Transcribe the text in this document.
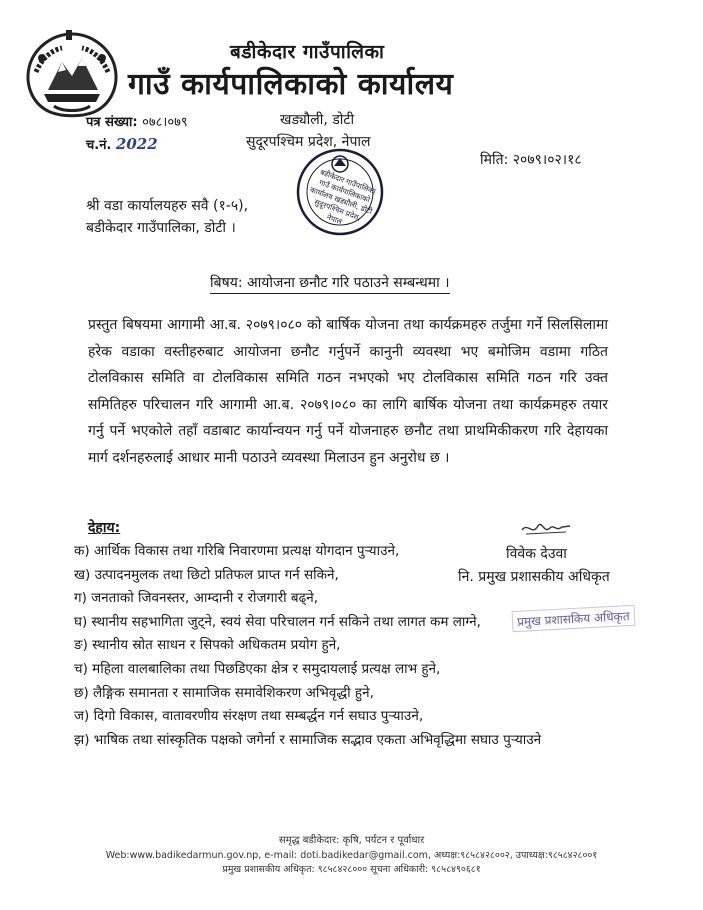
बडीकेदार गाउँपालिका
गाउँ कार्यपालिकाको कार्यालय
पत्र संख्या: ०७८।०७९
च.नं. 2022
खड्यौली, डोटी
सुदूरपश्चिम प्रदेश, नेपाल
मिति: २०७९।०२।१८
बडीकेदार गाउँपालिका गाउँ कार्यपालिकाको कार्यालय खड्यौली, डोटी सुदूरपश्चिम प्रदेश, नेपाल
श्री वडा कार्यालयहरु सवै (१-५),
बडीकेदार गाउँपालिका, डोटी ।
बिषय: आयोजना छनौट गरि पठाउने सम्बन्धमा ।
प्रस्तुत बिषयमा आगामी आ.ब. २०७९।०८० को बार्षिक योजना तथा कार्यक्रमहरु तर्जुमा गर्ने सिलसिलामा हरेक वडाका वस्तीहरुबाट आयोजना छनौट गर्नुपर्ने कानुनी व्यवस्था भए बमोजिम वडामा गठित टोलविकास समिति वा टोलविकास समिति गठन नभएको भए टोलविकास समिति गठन गरि उक्त समितिहरु परिचालन गरि आगामी आ.ब. २०७९।०८० का लागि बार्षिक योजना तथा कार्यक्रमहरु तयार गर्नु पर्ने भएकोले तहाँ वडाबाट कार्यान्वयन गर्नु पर्ने योजनाहरु छनौट तथा प्राथमिकीकरण गरि देहायका मार्ग दर्शनहरुलाई आधार मानी पठाउने व्यवस्था मिलाउन हुन अनुरोध छ ।
देहाय:
विवेक देउवा
नि. प्रमुख प्रशासकीय अधिकृत
क) आर्थिक विकास तथा गरिबि निवारणमा प्रत्यक्ष योगदान पुऱ्याउने,
ख) उत्पादनमुलक तथा छिटो प्रतिफल प्राप्त गर्न सकिने,
ग) जनताको जिवनस्तर, आम्दानी र रोजगारी बढ्ने,
घ) स्थानीय सहभागिता जुट्ने, स्वयं सेवा परिचालन गर्न सकिने तथा लागत कम लाग्ने,
ङ) स्थानीय स्रोत साधन र सिपको अधिकतम प्रयोग हुने,
च) महिला वालबालिका तथा पिछडिएका क्षेत्र र समुदायलाई प्रत्यक्ष लाभ हुने,
छ) लैङ्गिक समानता र सामाजिक समावेशिकरण अभिवृद्धी हुने,
ज) दिगो विकास, वातावरणीय संरक्षण तथा सम्बर्द्धन गर्न सघाउ पुऱ्याउने,
झ) भाषिक तथा सांस्कृतिक पक्षको जगेर्ना र सामाजिक सद्भाव एकता अभिवृद्धिमा सघाउ पुऱ्याउने
प्रमुख प्रशासकिय अधिकृत
समृद्ध बडीकेदार: कृषि, पर्यटन र पूर्वाधार
Web:www.badikedarmun.gov.np, e-mail: doti.badikedar@gmail.com, अध्यक्ष:९८५८४२८००२, उपाध्यक्ष:९८५८४२८००१
प्रमुख प्रशासकीय अधिकृत: ९८५८४२८००० सूचना अधिकारी: ९८५८४९०६८१
